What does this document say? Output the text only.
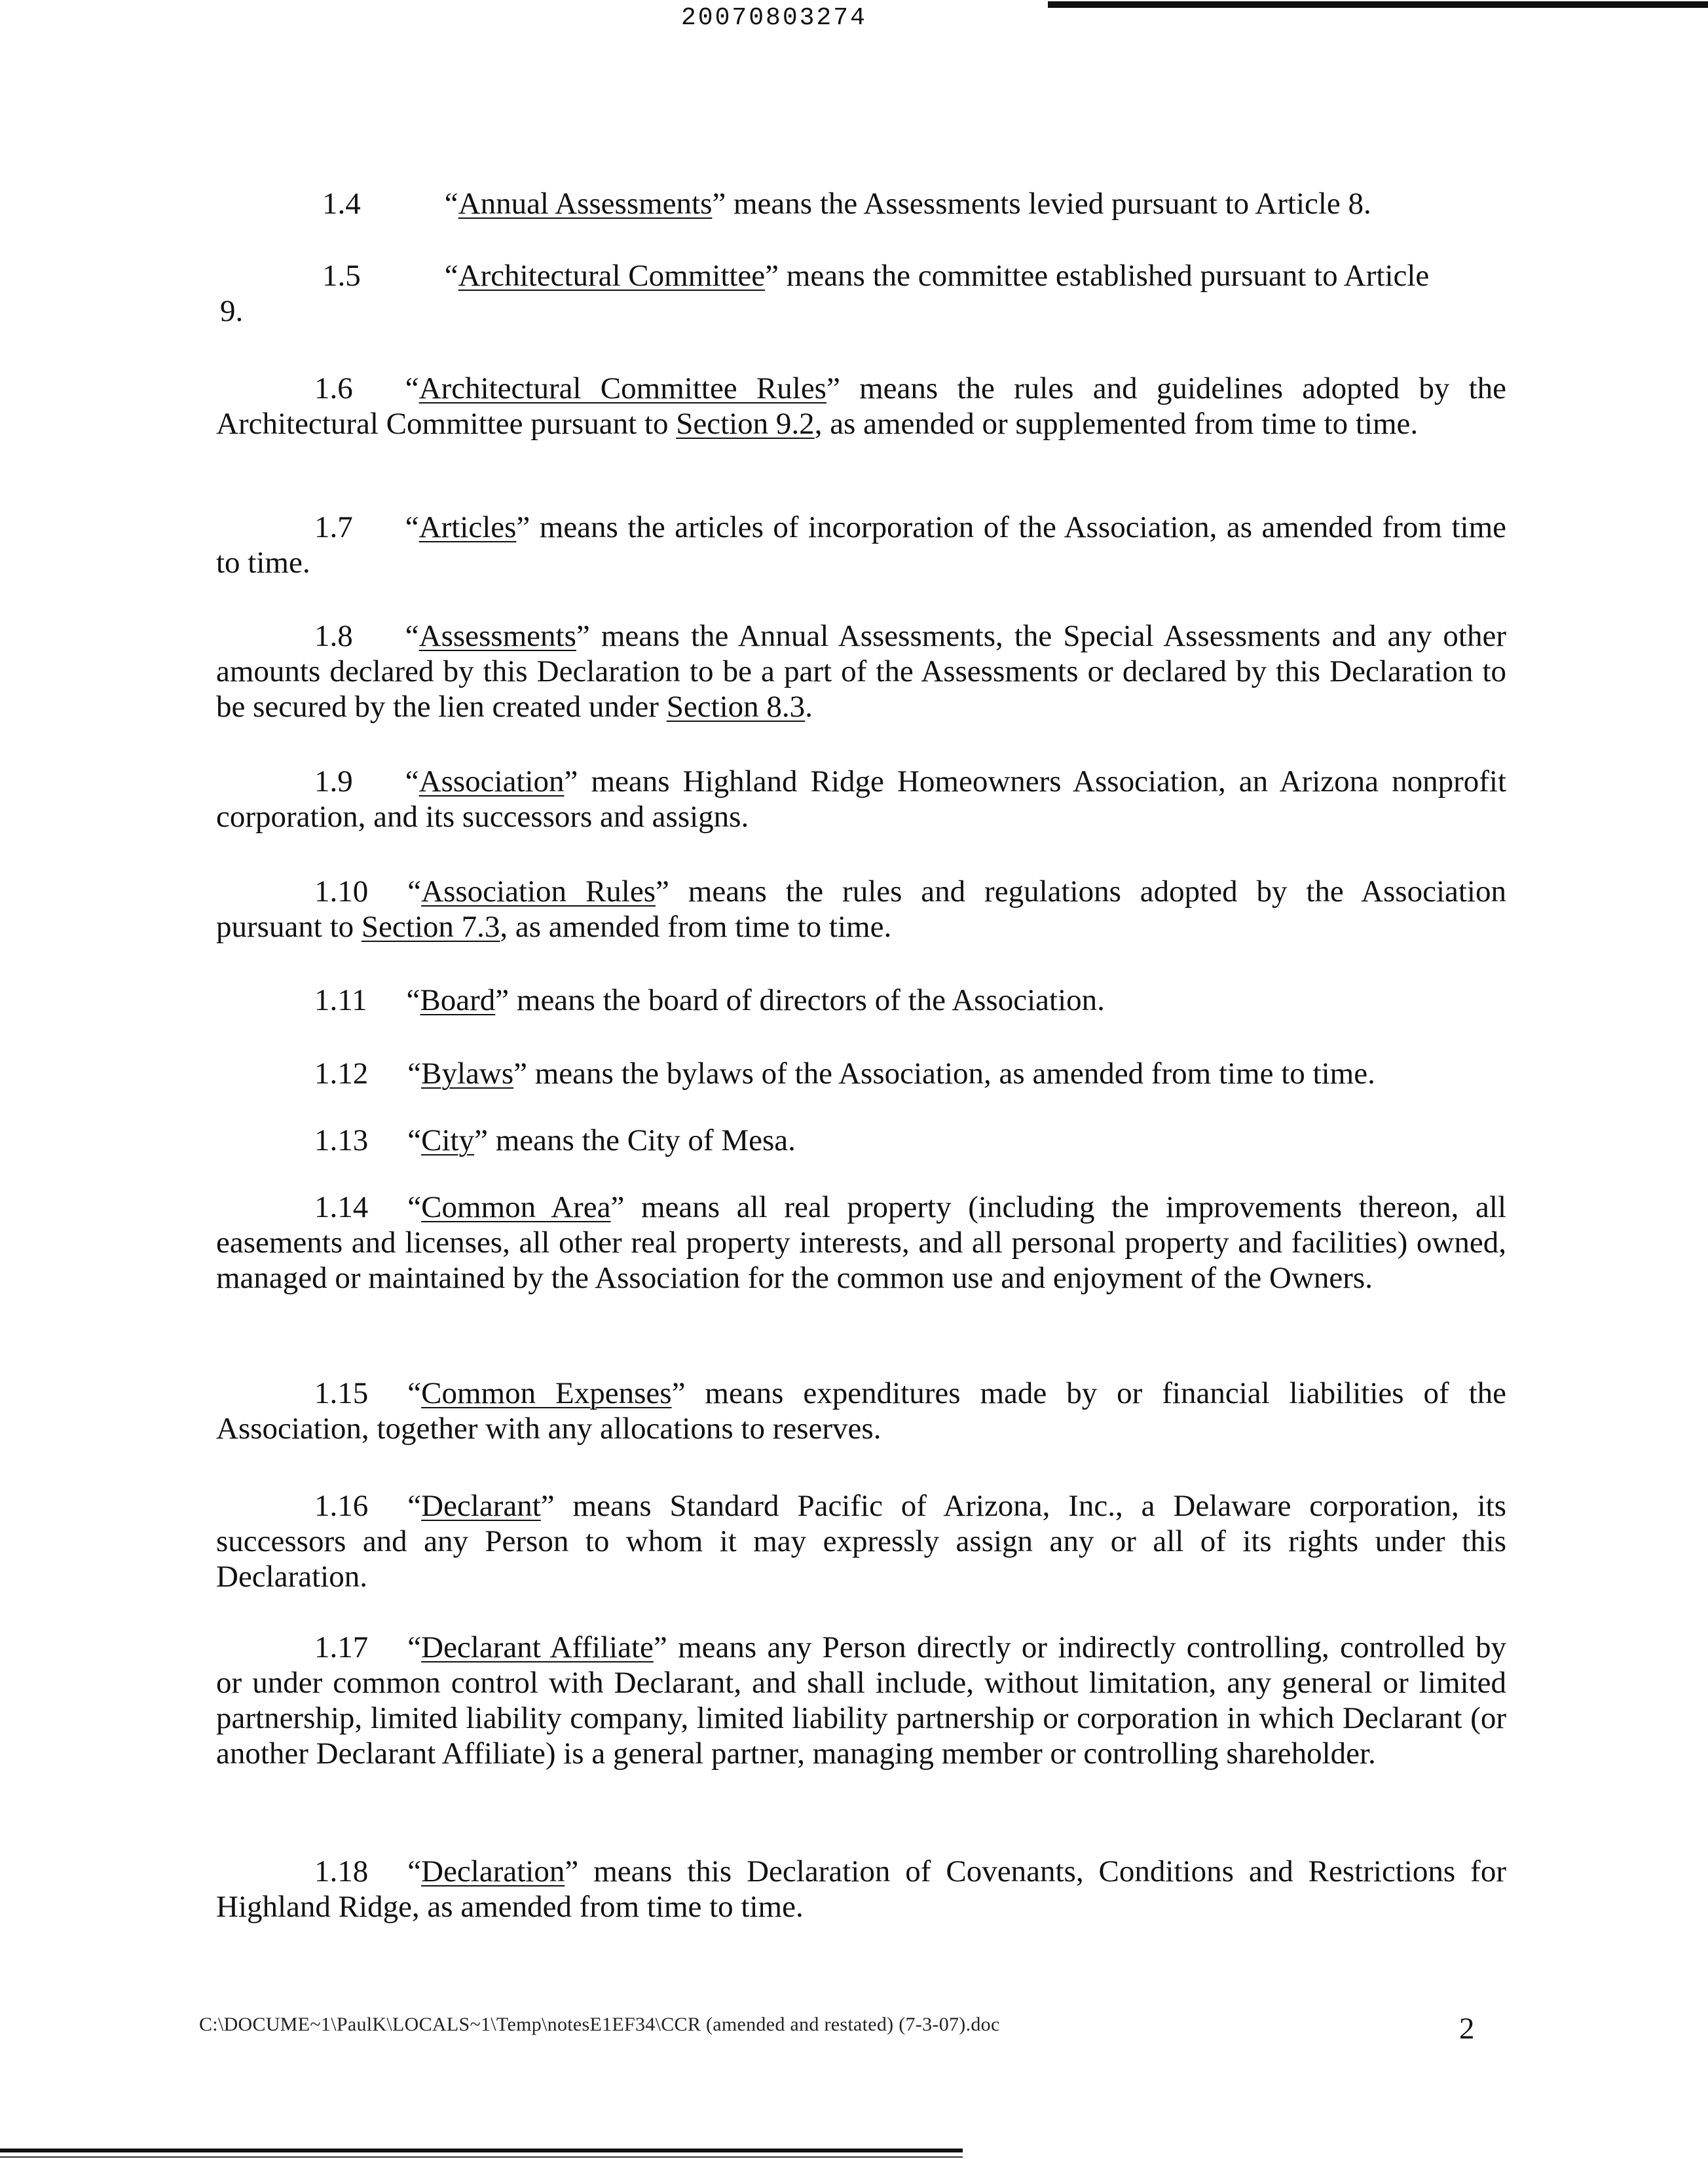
20070803274
1.4	“Annual Assessments” means the Assessments levied pursuant to Article 8.
1.5	“Architectural Committee” means the committee established pursuant to Article
9.
1.6 “Architectural Committee Rules” means the rules and guidelines adopted by the Architectural Committee pursuant to Section 9.2, as amended or supplemented from time to time.
1.7 “Articles” means the articles of incorporation of the Association, as amended from time to time.
1.8 “Assessments” means the Annual Assessments, the Special Assessments and any other amounts declared by this Declaration to be a part of the Assessments or declared by this Declaration to be secured by the lien created under Section 8.3.
1.9 “Association” means Highland Ridge Homeowners Association, an Arizona nonprofit corporation, and its successors and assigns.
1.10 “Association Rules” means the rules and regulations adopted by the Association pursuant to Section 7.3, as amended from time to time.
1.11 “Board” means the board of directors of the Association.
1.12 “Bylaws” means the bylaws of the Association, as amended from time to time.
1.13 “City” means the City of Mesa.
1.14 “Common Area” means all real property (including the improvements thereon, all easements and licenses, all other real property interests, and all personal property and facilities) owned, managed or maintained by the Association for the common use and enjoyment of the Owners.
1.15 “Common Expenses” means expenditures made by or financial liabilities of the Association, together with any allocations to reserves.
1.16 “Declarant” means Standard Pacific of Arizona, Inc., a Delaware corporation, its successors and any Person to whom it may expressly assign any or all of its rights under this Declaration.
1.17 “Declarant Affiliate” means any Person directly or indirectly controlling, controlled by or under common control with Declarant, and shall include, without limitation, any general or limited partnership, limited liability company, limited liability partnership or corporation in which Declarant (or another Declarant Affiliate) is a general partner, managing member or controlling shareholder.
1.18 “Declaration” means this Declaration of Covenants, Conditions and Restrictions for Highland Ridge, as amended from time to time.
C:\DOCUME~1\PaulK\LOCALS~1\Temp\notesE1EF34\CCR (amended and restated) (7-3-07).doc	2
